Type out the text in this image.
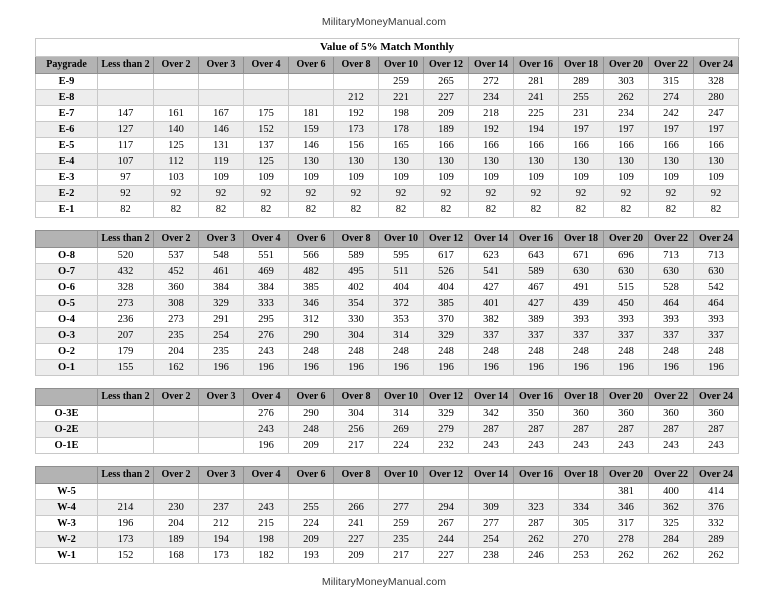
MilitaryMoneyManual.com
Value of 5% Match Monthly															
Paygrade	Less than 2	Over 2	Over 3	Over 4	Over 6	Over 8	Over 10	Over 12	Over 14	Over 16	Over 18	Over 20	Over 22	Over 24	
E-9							259	265	272	281	289	303	315	328	
E-8						212	221	227	234	241	255	262	274	280	
E-7	147	161	167	175	181	192	198	209	218	225	231	234	242	247	
E-6	127	140	146	152	159	173	178	189	192	194	197	197	197	197	
E-5	117	125	131	137	146	156	165	166	166	166	166	166	166	166	
E-4	107	112	119	125	130	130	130	130	130	130	130	130	130	130	
E-3	97	103	109	109	109	109	109	109	109	109	109	109	109	109	
E-2	92	92	92	92	92	92	92	92	92	92	92	92	92	92	
E-1	82	82	82	82	82	82	82	82	82	82	82	82	82	82	

	Less than 2	Over 2	Over 3	Over 4	Over 6	Over 8	Over 10	Over 12	Over 14	Over 16	Over 18	Over 20	Over 22	Over 24	
O-8	520	537	548	551	566	589	595	617	623	643	671	696	713	713	
O-7	432	452	461	469	482	495	511	526	541	589	630	630	630	630	
O-6	328	360	384	384	385	402	404	404	427	467	491	515	528	542	
O-5	273	308	329	333	346	354	372	385	401	427	439	450	464	464	
O-4	236	273	291	295	312	330	353	370	382	389	393	393	393	393	
O-3	207	235	254	276	290	304	314	329	337	337	337	337	337	337	
O-2	179	204	235	243	248	248	248	248	248	248	248	248	248	248	
O-1	155	162	196	196	196	196	196	196	196	196	196	196	196	196	

	Less than 2	Over 2	Over 3	Over 4	Over 6	Over 8	Over 10	Over 12	Over 14	Over 16	Over 18	Over 20	Over 22	Over 24	
O-3E				276	290	304	314	329	342	350	360	360	360	360	
O-2E				243	248	256	269	279	287	287	287	287	287	287	
O-1E				196	209	217	224	232	243	243	243	243	243	243	

	Less than 2	Over 2	Over 3	Over 4	Over 6	Over 8	Over 10	Over 12	Over 14	Over 16	Over 18	Over 20	Over 22	Over 24	
W-5												381	400	414	
W-4	214	230	237	243	255	266	277	294	309	323	334	346	362	376	
W-3	196	204	212	215	224	241	259	267	277	287	305	317	325	332	
W-2	173	189	194	198	209	227	235	244	254	262	270	278	284	289	
W-1	152	168	173	182	193	209	217	227	238	246	253	262	262	262	
MilitaryMoneyManual.com
